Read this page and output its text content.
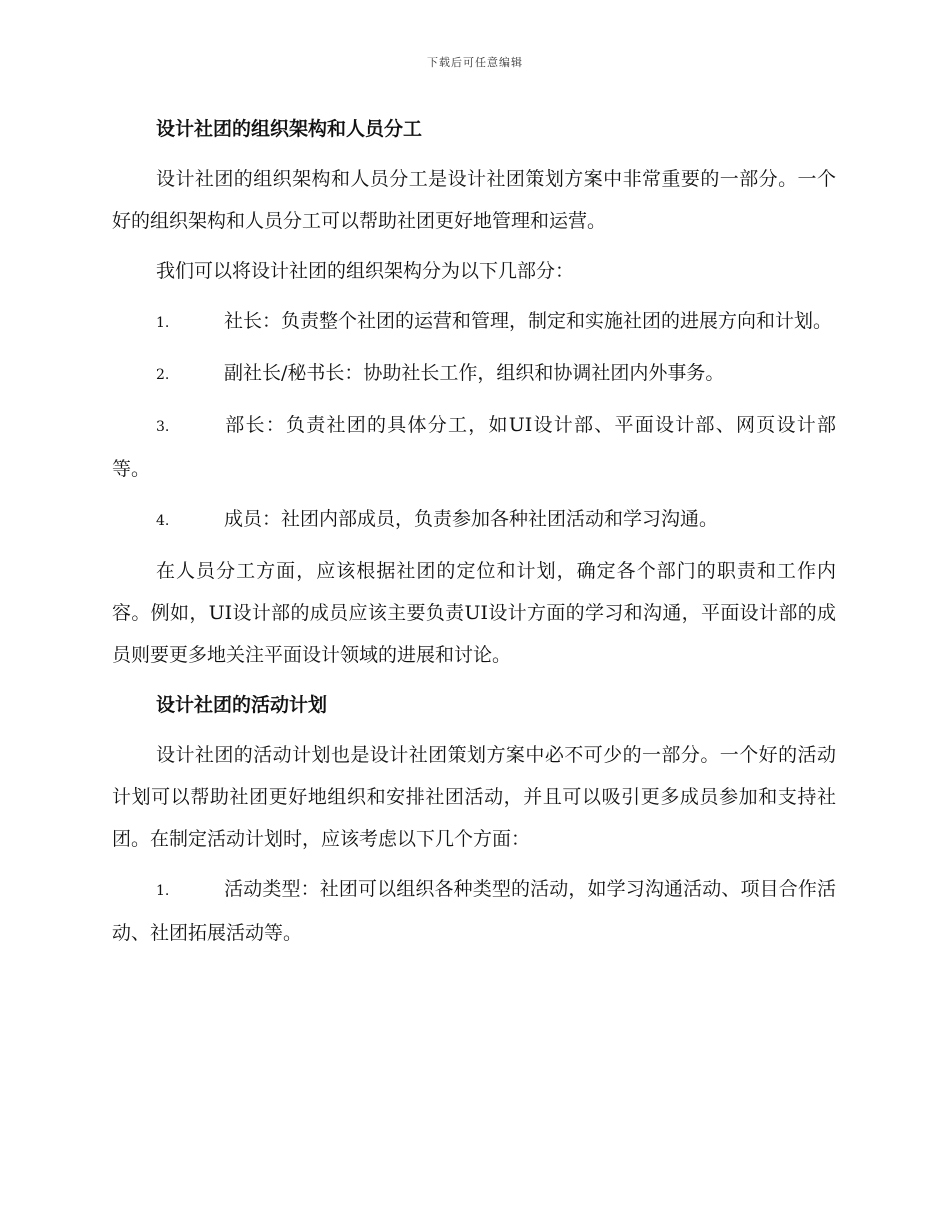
下载后可任意编辑

设计社团的组织架构和人员分工

设计社团的组织架构和人员分工是设计社团策划方案中非常重要的一部分。一个好的组织架构和人员分工可以帮助社团更好地管理和运营。

我们可以将设计社团的组织架构分为以下几部分：

1.	社长：负责整个社团的运营和管理，制定和实施社团的进展方向和计划。

2.	副社长/秘书长：协助社长工作，组织和协调社团内外事务。

3.	部长：负责社团的具体分工，如UI设计部、平面设计部、网页设计部等。

4.	成员：社团内部成员，负责参加各种社团活动和学习沟通。

在人员分工方面，应该根据社团的定位和计划，确定各个部门的职责和工作内容。例如，UI设计部的成员应该主要负责UI设计方面的学习和沟通，平面设计部的成员则要更多地关注平面设计领域的进展和讨论。

设计社团的活动计划

设计社团的活动计划也是设计社团策划方案中必不可少的一部分。一个好的活动计划可以帮助社团更好地组织和安排社团活动，并且可以吸引更多成员参加和支持社团。在制定活动计划时，应该考虑以下几个方面：

1.	活动类型：社团可以组织各种类型的活动，如学习沟通活动、项目合作活动、社团拓展活动等。
